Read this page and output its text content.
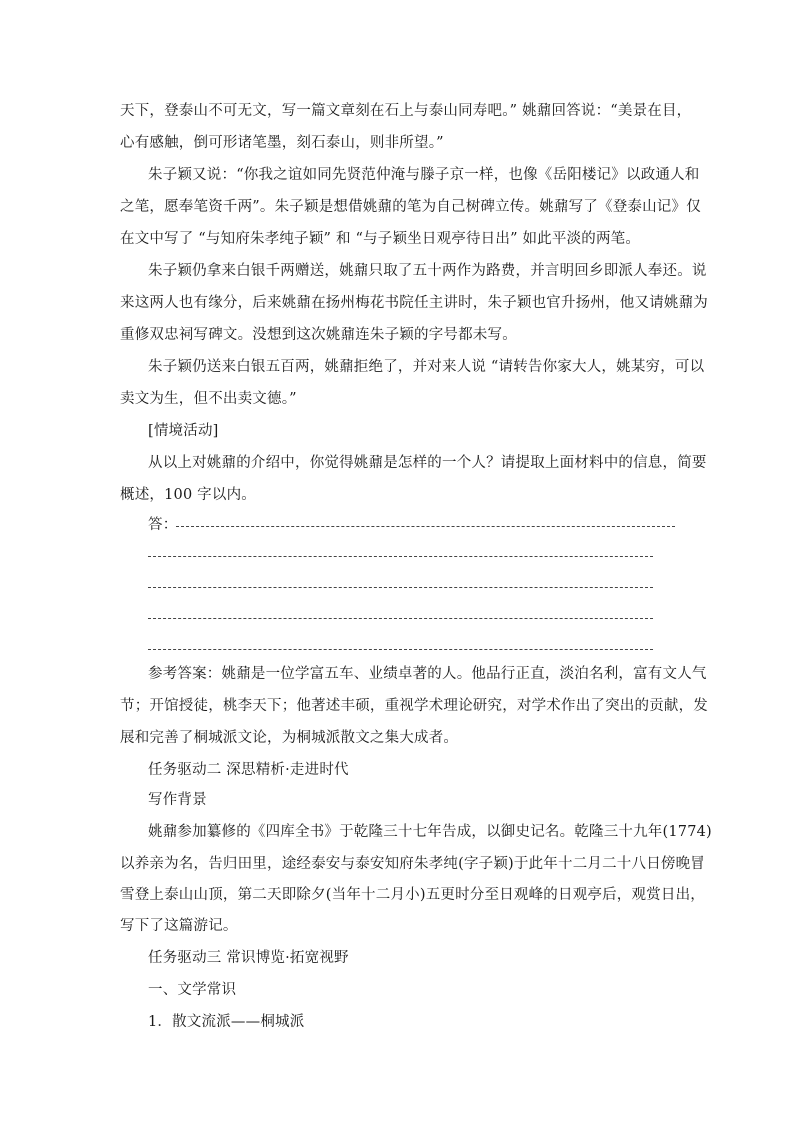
天下，登泰山不可无文，写一篇文章刻在石上与泰山同寿吧。” 姚鼐回答说：“美景在目，
心有感触，倒可形诸笔墨，刻石泰山，则非所望。”
朱子颖又说：“你我之谊如同先贤范仲淹与滕子京一样，也像《岳阳楼记》以政通人和
之笔，愿奉笔资千两”。朱子颖是想借姚鼐的笔为自己树碑立传。姚鼐写了《登泰山记》仅
在文中写了 “与知府朱孝纯子颖” 和 “与子颖坐日观亭待日出” 如此平淡的两笔。
朱子颖仍拿来白银千两赠送，姚鼐只取了五十两作为路费，并言明回乡即派人奉还。说
来这两人也有缘分，后来姚鼐在扬州梅花书院任主讲时，朱子颖也官升扬州，他又请姚鼐为
重修双忠祠写碑文。没想到这次姚鼐连朱子颖的字号都未写。
朱子颖仍送来白银五百两，姚鼐拒绝了，并对来人说 “请转告你家大人，姚某穷，可以
卖文为生，但不出卖文德。”
[情境活动]
从以上对姚鼐的介绍中，你觉得姚鼐是怎样的一个人？请提取上面材料中的信息，简要
概述，100 字以内。
答：
参考答案：姚鼐是一位学富五车、业绩卓著的人。他品行正直，淡泊名利，富有文人气
节；开馆授徒，桃李天下；他著述丰硕，重视学术理论研究，对学术作出了突出的贡献，发
展和完善了桐城派文论，为桐城派散文之集大成者。
任务驱动二 深思精析·走进时代
写作背景
姚鼐参加纂修的《四库全书》于乾隆三十七年告成，以御史记名。乾隆三十九年(1774)
以养亲为名，告归田里，途经泰安与泰安知府朱孝纯(字子颖)于此年十二月二十八日傍晚冒
雪登上泰山山顶，第二天即除夕(当年十二月小)五更时分至日观峰的日观亭后，观赏日出，
写下了这篇游记。
任务驱动三 常识博览·拓宽视野
一、文学常识
1．散文流派——桐城派
